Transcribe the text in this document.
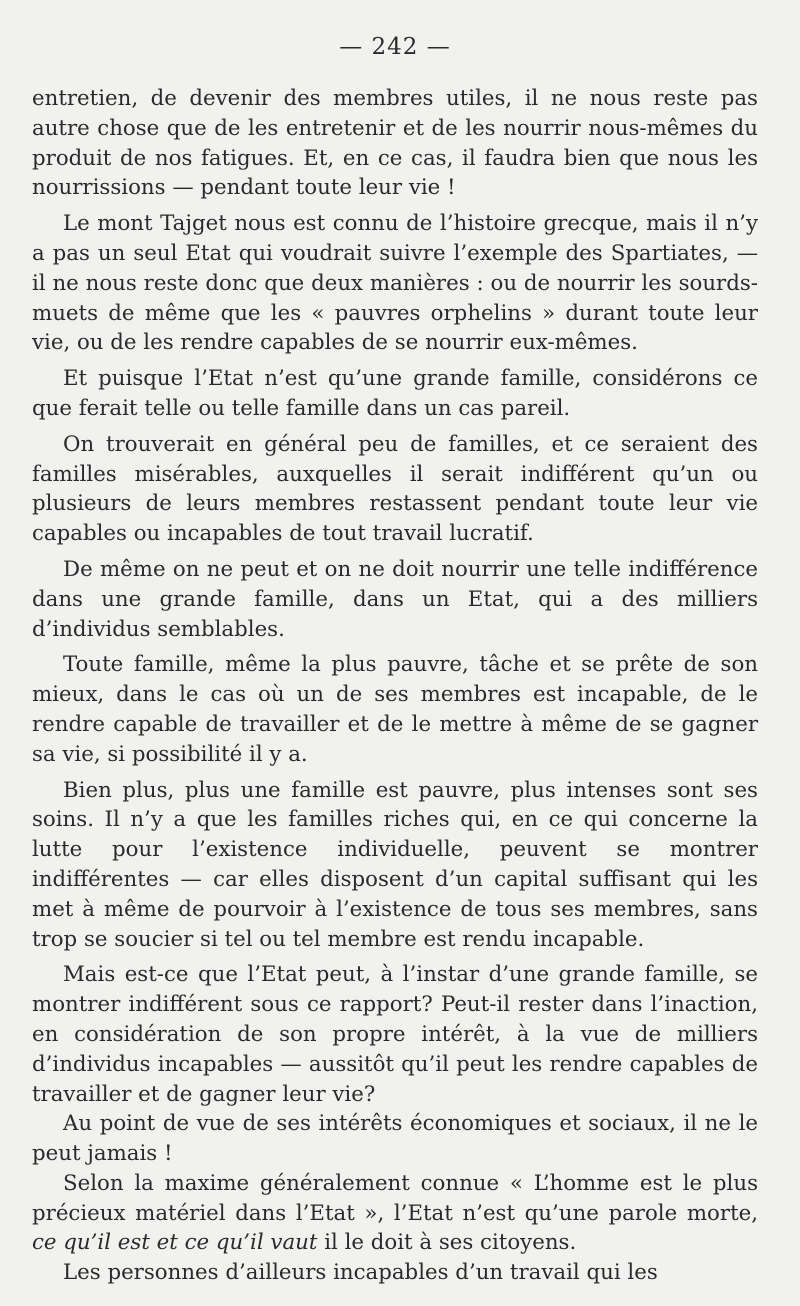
— 242 —

entretien, de devenir des membres utiles, il ne nous reste pas autre chose que de les entretenir et de les nourrir nous-mêmes du produit de nos fatigues. Et, en ce cas, il faudra bien que nous les nourrissions — pendant toute leur vie !

Le mont Tajget nous est connu de l’histoire grecque, mais il n’y a pas un seul Etat qui voudrait suivre l’exemple des Spartiates, — il ne nous reste donc que deux manières : ou de nourrir les sourds-muets de même que les « pauvres orphelins » durant toute leur vie, ou de les rendre capables de se nourrir eux-mêmes.

Et puisque l’Etat n’est qu’une grande famille, considérons ce que ferait telle ou telle famille dans un cas pareil.

On trouverait en général peu de familles, et ce seraient des familles misérables, auxquelles il serait indifférent qu’un ou plusieurs de leurs membres restassent pendant toute leur vie capables ou incapables de tout travail lucratif.

De même on ne peut et on ne doit nourrir une telle indifférence dans une grande famille, dans un Etat, qui a des milliers d’individus semblables.

Toute famille, même la plus pauvre, tâche et se prête de son mieux, dans le cas où un de ses membres est incapable, de le rendre capable de travailler et de le mettre à même de se gagner sa vie, si possibilité il y a.

Bien plus, plus une famille est pauvre, plus intenses sont ses soins. Il n’y a que les familles riches qui, en ce qui concerne la lutte pour l’existence individuelle, peuvent se montrer indifférentes — car elles disposent d’un capital suffisant qui les met à même de pourvoir à l’existence de tous ses membres, sans trop se soucier si tel ou tel membre est rendu incapable.

Mais est-ce que l’Etat peut, à l’instar d’une grande famille, se montrer indifférent sous ce rapport? Peut-il rester dans l’inaction, en considération de son propre intérêt, à la vue de milliers d’individus incapables — aussitôt qu’il peut les rendre capables de travailler et de gagner leur vie?

Au point de vue de ses intérêts économiques et sociaux, il ne le peut jamais !

Selon la maxime généralement connue « L’homme est le plus précieux matériel dans l’Etat », l’Etat n’est qu’une parole morte, ce qu’il est et ce qu’il vaut il le doit à ses citoyens.

Les personnes d’ailleurs incapables d’un travail qui les
